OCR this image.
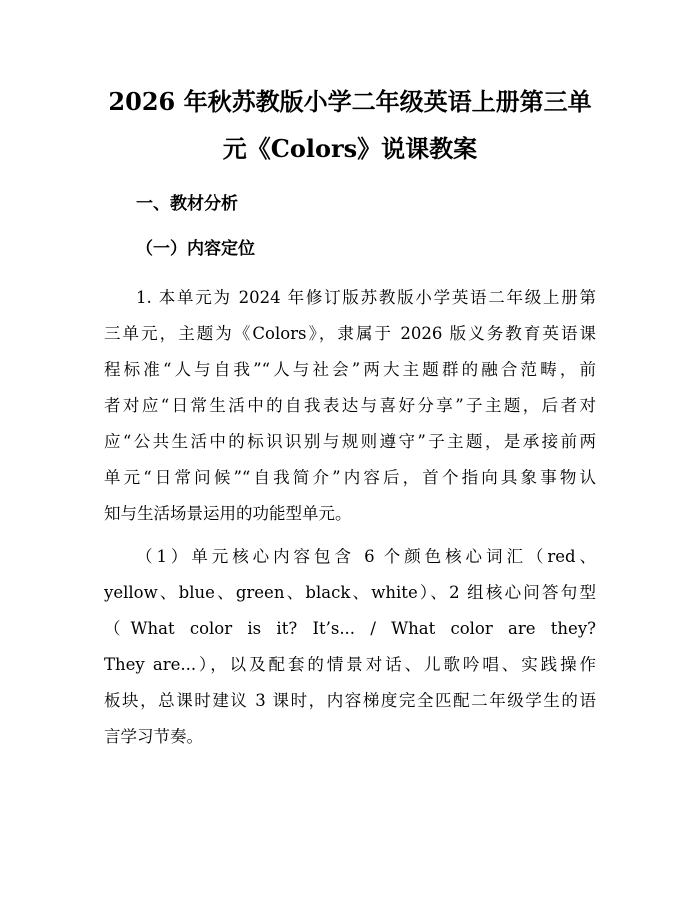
2026 年秋苏教版小学二年级英语上册第三单
元《Colors》说课教案
一、教材分析
（一）内容定位
1. 本单元为 2024 年修订版苏教版小学英语二年级上册第
三单元，主题为《Colors》，隶属于 2026 版义务教育英语课
程标准“人与自我”“人与社会”两大主题群的融合范畴，前
者对应“日常生活中的自我表达与喜好分享”子主题，后者对
应“公共生活中的标识识别与规则遵守”子主题，是承接前两
单元“日常问候”“自我简介”内容后，首个指向具象事物认
知与生活场景运用的功能型单元。
（1）单元核心内容包含 6 个颜色核心词汇（red、
yellow、blue、green、black、white）、2 组核心问答句型
（What color is it? It’s... / What color are they?
They are...），以及配套的情景对话、儿歌吟唱、实践操作
板块，总课时建议 3 课时，内容梯度完全匹配二年级学生的语
言学习节奏。
